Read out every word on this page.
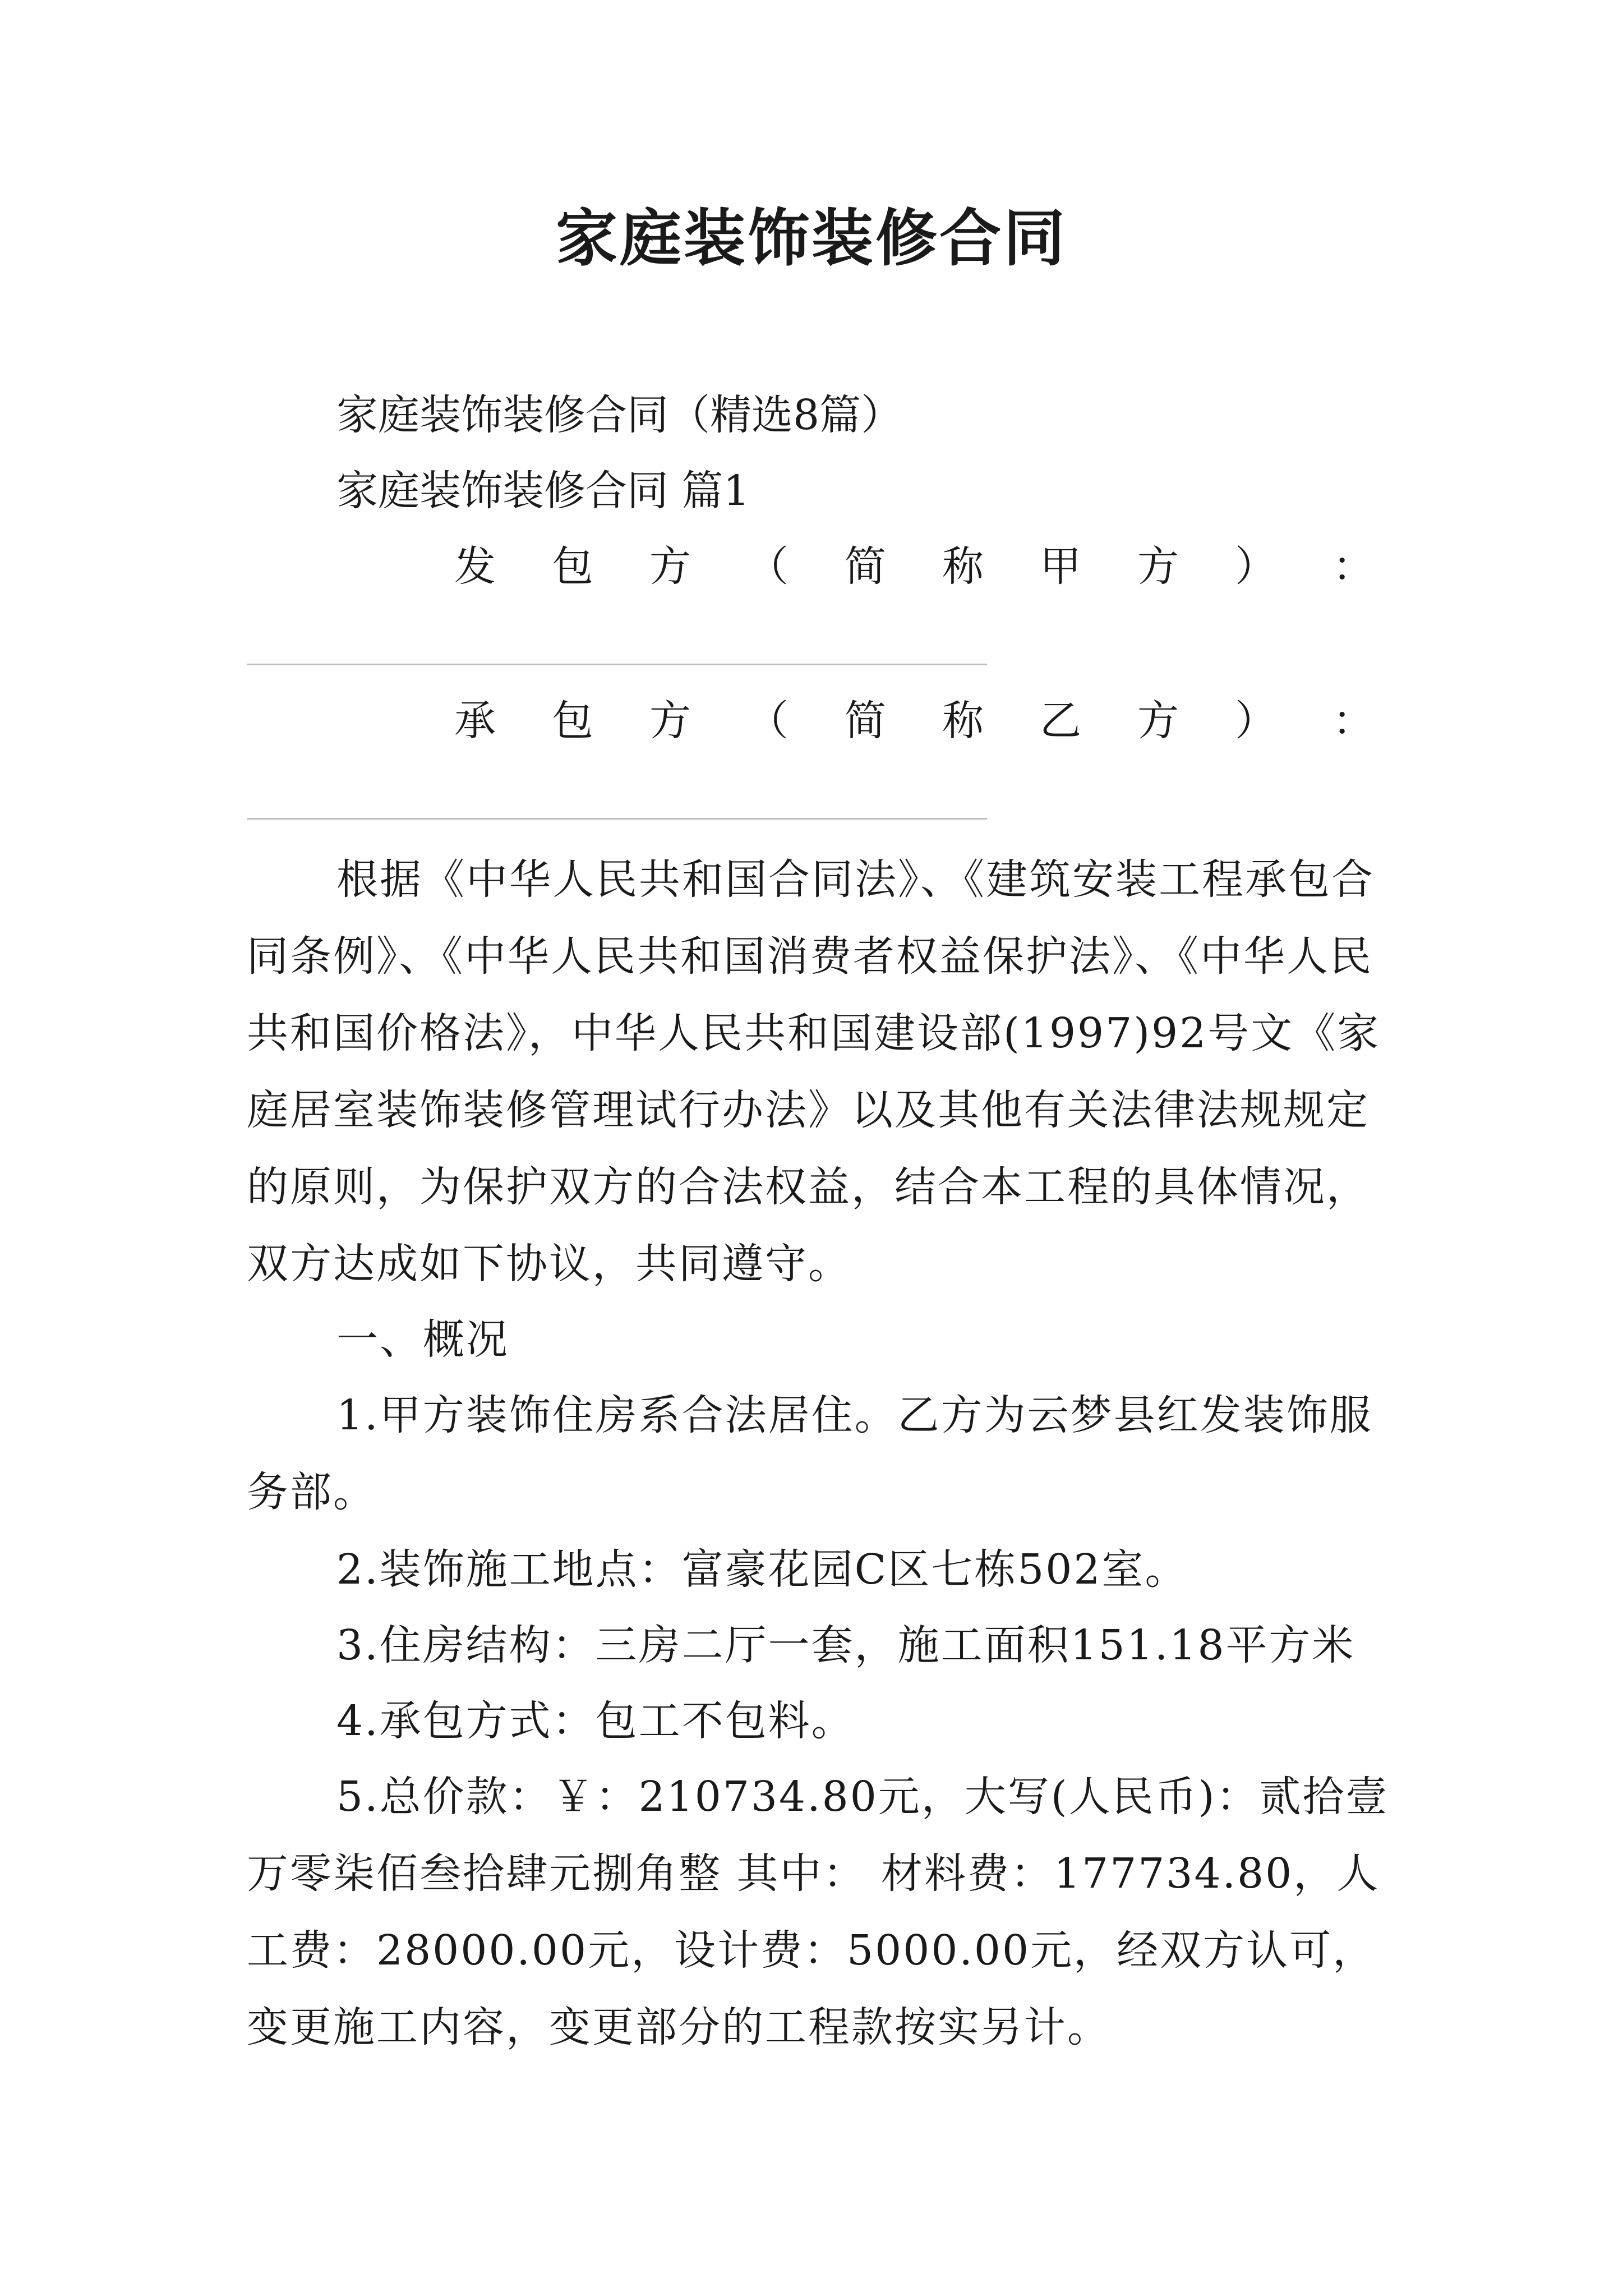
家庭装饰装修合同
家庭装饰装修合同（精选8篇）
家庭装饰装修合同 篇1
发 包 方 （ 简 称 甲 方 ） ：
承 包 方 （ 简 称 乙 方 ） ：
根据《中华人民共和国合同法》、《建筑安装工程承包合同条例》、《中华人民共和国消费者权益保护法》、《中华人民共和国价格法》，中华人民共和国建设部(1997)92号文《家庭居室装饰装修管理试行办法》以及其他有关法律法规规定的原则，为保护双方的合法权益，结合本工程的具体情况，双方达成如下协议，共同遵守。
一、概况
1.甲方装饰住房系合法居住。乙方为云梦县红发装饰服务部。
2.装饰施工地点：富豪花园C区七栋502室。
3.住房结构：三房二厅一套，施工面积151.18平方米
4.承包方式：包工不包料。
5.总价款：￥：210734.80元，大写(人民币)：贰拾壹万零柒佰叁拾肆元捌角整 其中： 材料费：177734.80，人工费：28000.00元，设计费：5000.00元，经双方认可，变更施工内容，变更部分的工程款按实另计。
